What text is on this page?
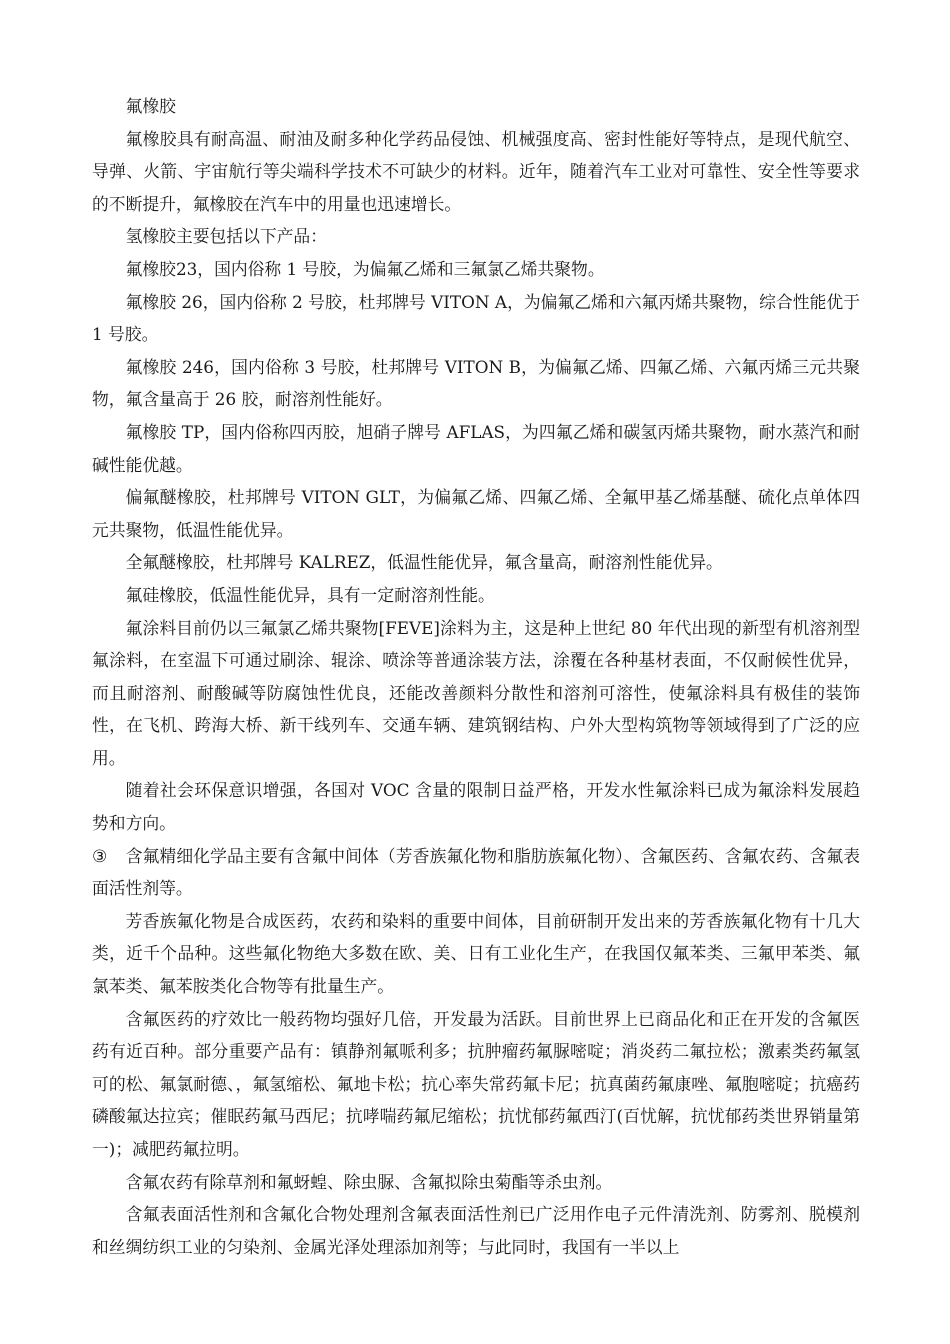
氟橡胶

氟橡胶具有耐高温、耐油及耐多种化学药品侵蚀、机械强度高、密封性能好等特点，是现代航空、导弹、火箭、宇宙航行等尖端科学技术不可缺少的材料。近年，随着汽车工业对可靠性、安全性等要求的不断提升，氟橡胶在汽车中的用量也迅速增长。

氢橡胶主要包括以下产品：

氟橡胶23，国内俗称 1 号胶，为偏氟乙烯和三氟氯乙烯共聚物。

氟橡胶 26，国内俗称 2 号胶，杜邦牌号 VITON A，为偏氟乙烯和六氟丙烯共聚物，综合性能优于 1 号胶。

氟橡胶 246，国内俗称 3 号胶，杜邦牌号 VITON B，为偏氟乙烯、四氟乙烯、六氟丙烯三元共聚物，氟含量高于 26 胶，耐溶剂性能好。

氟橡胶 TP，国内俗称四丙胶，旭硝子牌号 AFLAS，为四氟乙烯和碳氢丙烯共聚物，耐水蒸汽和耐碱性能优越。

偏氟醚橡胶，杜邦牌号 VITON GLT，为偏氟乙烯、四氟乙烯、全氟甲基乙烯基醚、硫化点单体四元共聚物，低温性能优异。

全氟醚橡胶，杜邦牌号 KALREZ，低温性能优异，氟含量高，耐溶剂性能优异。

氟硅橡胶，低温性能优异，具有一定耐溶剂性能。

氟涂料目前仍以三氟氯乙烯共聚物[FEVE]涂料为主，这是种上世纪 80 年代出现的新型有机溶剂型氟涂料，在室温下可通过刷涂、辊涂、喷涂等普通涂装方法，涂覆在各种基材表面，不仅耐候性优异，而且耐溶剂、耐酸碱等防腐蚀性优良，还能改善颜料分散性和溶剂可溶性，使氟涂料具有极佳的装饰性，在飞机、跨海大桥、新干线列车、交通车辆、建筑钢结构、户外大型构筑物等领域得到了广泛的应用。

随着社会环保意识增强，各国对 VOC 含量的限制日益严格，开发水性氟涂料已成为氟涂料发展趋势和方向。

③ 含氟精细化学品主要有含氟中间体（芳香族氟化物和脂肪族氟化物）、含氟医药、含氟农药、含氟表面活性剂等。

芳香族氟化物是合成医药，农药和染料的重要中间体，目前研制开发出来的芳香族氟化物有十几大类，近千个品种。这些氟化物绝大多数在欧、美、日有工业化生产，在我国仅氟苯类、三氟甲苯类、氟氯苯类、氟苯胺类化合物等有批量生产。

含氟医药的疗效比一般药物均强好几倍，开发最为活跃。目前世界上已商品化和正在开发的含氟医药有近百种。部分重要产品有：镇静剂氟哌利多；抗肿瘤药氟脲嘧啶；消炎药二氟拉松；激素类药氟氢可的松、氟氯耐德、，氟氢缩松、氟地卡松；抗心率失常药氟卡尼；抗真菌药氟康唑、氟胞嘧啶；抗癌药磷酸氟达拉宾；催眠药氟马西尼；抗哮喘药氟尼缩松；抗忧郁药氟西汀(百忧解，抗忧郁药类世界销量第一)；减肥药氟拉明。

含氟农药有除草剂和氟蚜蝗、除虫脲、含氟拟除虫菊酯等杀虫剂。

含氟表面活性剂和含氟化合物处理剂含氟表面活性剂已广泛用作电子元件清洗剂、防雾剂、脱模剂和丝绸纺织工业的匀染剂、金属光泽处理添加剂等；与此同时，我国有一半以上
